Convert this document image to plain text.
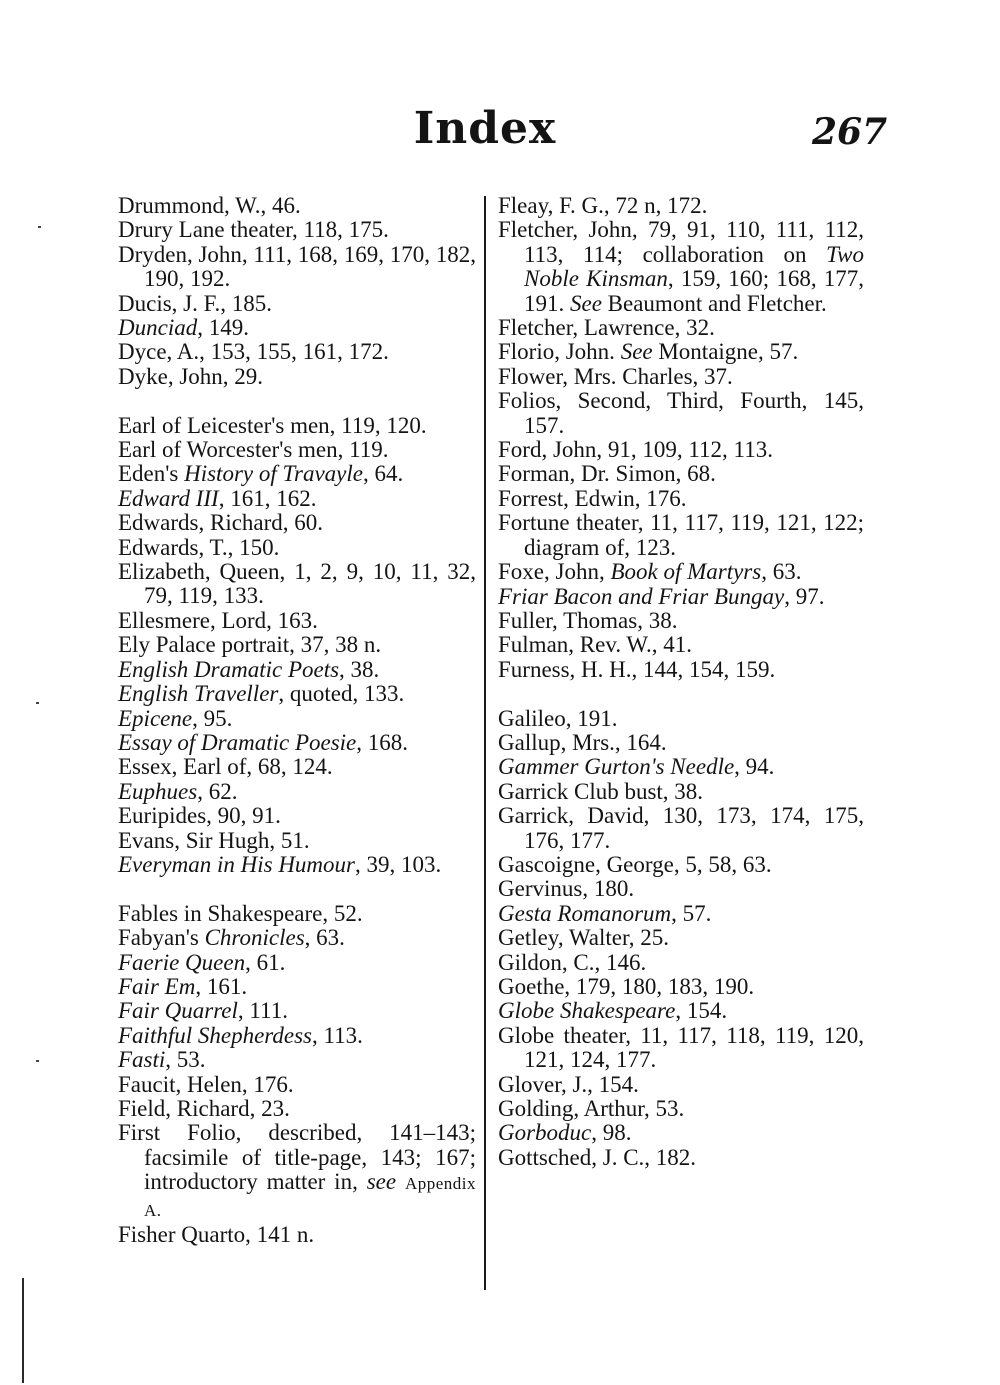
Index	267
Drummond, W., 46.
Drury Lane theater, 118, 175.
Dryden, John, 111, 168, 169, 170, 182, 190, 192.
Ducis, J. F., 185.
Dunciad, 149.
Dyce, A., 153, 155, 161, 172.
Dyke, John, 29.
Earl of Leicester's men, 119, 120.
Earl of Worcester's men, 119.
Eden's History of Travayle, 64.
Edward III, 161, 162.
Edwards, Richard, 60.
Edwards, T., 150.
Elizabeth, Queen, 1, 2, 9, 10, 11, 32, 79, 119, 133.
Ellesmere, Lord, 163.
Ely Palace portrait, 37, 38 n.
English Dramatic Poets, 38.
English Traveller, quoted, 133.
Epicene, 95.
Essay of Dramatic Poesie, 168.
Essex, Earl of, 68, 124.
Euphues, 62.
Euripides, 90, 91.
Evans, Sir Hugh, 51.
Everyman in His Humour, 39, 103.
Fables in Shakespeare, 52.
Fabyan's Chronicles, 63.
Faerie Queen, 61.
Fair Em, 161.
Fair Quarrel, 111.
Faithful Shepherdess, 113.
Fasti, 53.
Faucit, Helen, 176.
Field, Richard, 23.
First Folio, described, 141–143; facsimile of title-page, 143; 167; introductory matter in, see Appendix A.
Fisher Quarto, 141 n.
Fleay, F. G., 72 n, 172.
Fletcher, John, 79, 91, 110, 111, 112, 113, 114; collaboration on Two Noble Kinsman, 159, 160; 168, 177, 191. See Beaumont and Fletcher.
Fletcher, Lawrence, 32.
Florio, John. See Montaigne, 57.
Flower, Mrs. Charles, 37.
Folios, Second, Third, Fourth, 145, 157.
Ford, John, 91, 109, 112, 113.
Forman, Dr. Simon, 68.
Forrest, Edwin, 176.
Fortune theater, 11, 117, 119, 121, 122; diagram of, 123.
Foxe, John, Book of Martyrs, 63.
Friar Bacon and Friar Bungay, 97.
Fuller, Thomas, 38.
Fulman, Rev. W., 41.
Furness, H. H., 144, 154, 159.
Galileo, 191.
Gallup, Mrs., 164.
Gammer Gurton's Needle, 94.
Garrick Club bust, 38.
Garrick, David, 130, 173, 174, 175, 176, 177.
Gascoigne, George, 5, 58, 63.
Gervinus, 180.
Gesta Romanorum, 57.
Getley, Walter, 25.
Gildon, C., 146.
Goethe, 179, 180, 183, 190.
Globe Shakespeare, 154.
Globe theater, 11, 117, 118, 119, 120, 121, 124, 177.
Glover, J., 154.
Golding, Arthur, 53.
Gorboduc, 98.
Gottsched, J. C., 182.
